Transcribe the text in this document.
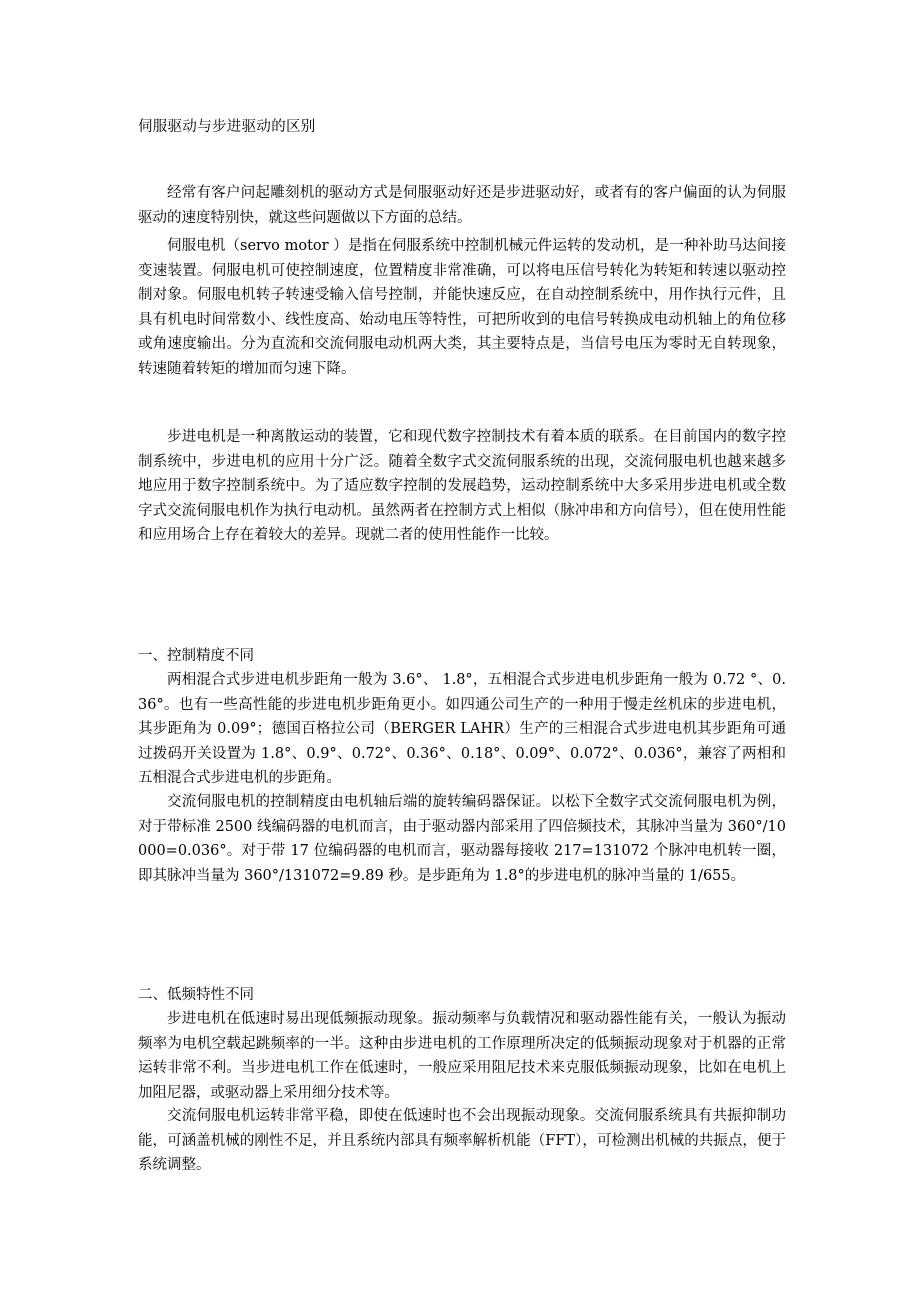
伺服驱动与步进驱动的区别

经常有客户问起雕刻机的驱动方式是伺服驱动好还是步进驱动好，或者有的客户偏面的认为伺服驱动的速度特别快，就这些问题做以下方面的总结。

伺服电机（servo motor ）是指在伺服系统中控制机械元件运转的发动机，是一种补助马达间接变速装置。伺服电机可使控制速度，位置精度非常准确，可以将电压信号转化为转矩和转速以驱动控制对象。伺服电机转子转速受输入信号控制，并能快速反应，在自动控制系统中，用作执行元件，且具有机电时间常数小、线性度高、始动电压等特性，可把所收到的电信号转换成电动机轴上的角位移或角速度输出。分为直流和交流伺服电动机两大类，其主要特点是，当信号电压为零时无自转现象，转速随着转矩的增加而匀速下降。

步进电机是一种离散运动的装置，它和现代数字控制技术有着本质的联系。在目前国内的数字控制系统中，步进电机的应用十分广泛。随着全数字式交流伺服系统的出现，交流伺服电机也越来越多地应用于数字控制系统中。为了适应数字控制的发展趋势，运动控制系统中大多采用步进电机或全数字式交流伺服电机作为执行电动机。虽然两者在控制方式上相似（脉冲串和方向信号），但在使用性能和应用场合上存在着较大的差异。现就二者的使用性能作一比较。

一、控制精度不同

两相混合式步进电机步距角一般为 3.6°、 1.8°，五相混合式步进电机步距角一般为 0.72 °、0.36°。也有一些高性能的步进电机步距角更小。如四通公司生产的一种用于慢走丝机床的步进电机，其步距角为 0.09°；德国百格拉公司（BERGER LAHR）生产的三相混合式步进电机其步距角可通过拨码开关设置为 1.8°、0.9°、0.72°、0.36°、0.18°、0.09°、0.072°、0.036°，兼容了两相和五相混合式步进电机的步距角。

交流伺服电机的控制精度由电机轴后端的旋转编码器保证。以松下全数字式交流伺服电机为例，对于带标准 2500 线编码器的电机而言，由于驱动器内部采用了四倍频技术，其脉冲当量为 360°/10000=0.036°。对于带 17 位编码器的电机而言，驱动器每接收 217=131072 个脉冲电机转一圈，即其脉冲当量为 360°/131072=9.89 秒。是步距角为 1.8°的步进电机的脉冲当量的 1/655。

二、低频特性不同

步进电机在低速时易出现低频振动现象。振动频率与负载情况和驱动器性能有关，一般认为振动频率为电机空载起跳频率的一半。这种由步进电机的工作原理所决定的低频振动现象对于机器的正常运转非常不利。当步进电机工作在低速时，一般应采用阻尼技术来克服低频振动现象，比如在电机上加阻尼器，或驱动器上采用细分技术等。

交流伺服电机运转非常平稳，即使在低速时也不会出现振动现象。交流伺服系统具有共振抑制功能，可涵盖机械的刚性不足，并且系统内部具有频率解析机能（FFT），可检测出机械的共振点，便于系统调整。
